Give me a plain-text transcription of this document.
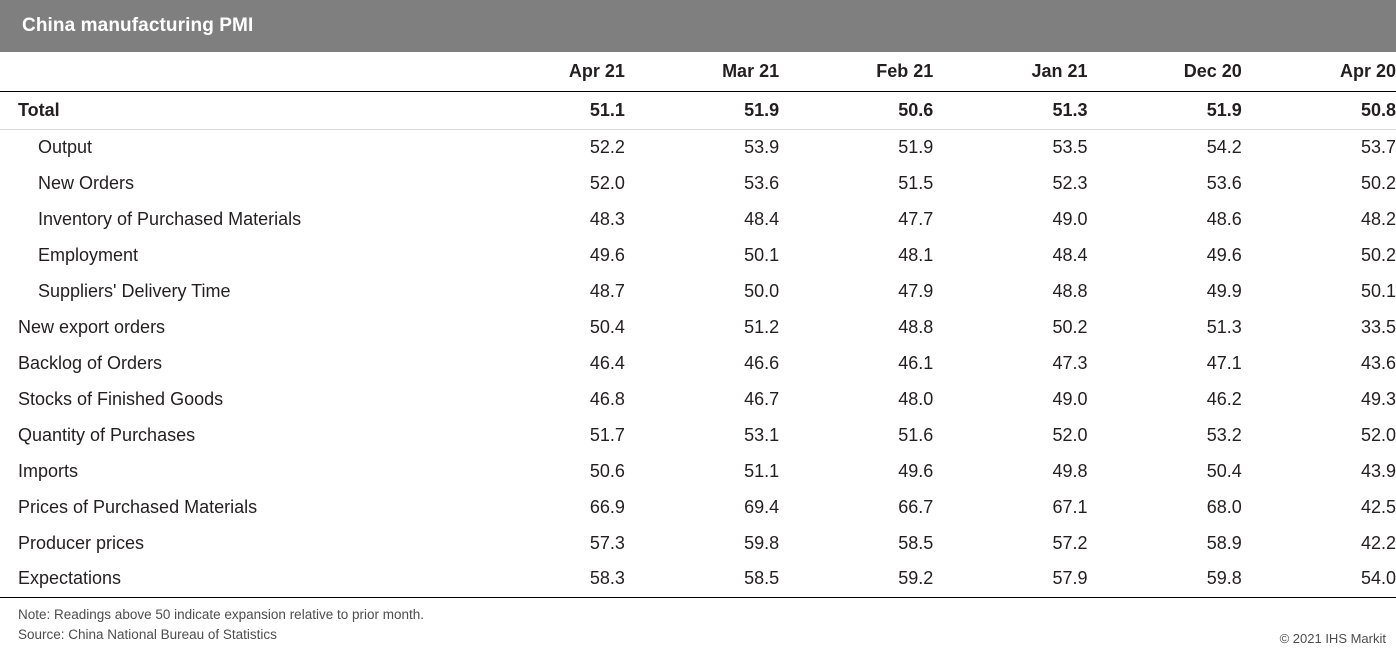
China manufacturing PMI
	Apr 21	Mar 21	Feb 21	Jan 21	Dec 20	Apr 20
Total	51.1	51.9	50.6	51.3	51.9	50.8
Output	52.2	53.9	51.9	53.5	54.2	53.7
New Orders	52.0	53.6	51.5	52.3	53.6	50.2
Inventory of Purchased Materials	48.3	48.4	47.7	49.0	48.6	48.2
Employment	49.6	50.1	48.1	48.4	49.6	50.2
Suppliers' Delivery Time	48.7	50.0	47.9	48.8	49.9	50.1
New export orders	50.4	51.2	48.8	50.2	51.3	33.5
Backlog of Orders	46.4	46.6	46.1	47.3	47.1	43.6
Stocks of Finished Goods	46.8	46.7	48.0	49.0	46.2	49.3
Quantity of Purchases	51.7	53.1	51.6	52.0	53.2	52.0
Imports	50.6	51.1	49.6	49.8	50.4	43.9
Prices of Purchased Materials	66.9	69.4	66.7	67.1	68.0	42.5
Producer prices	57.3	59.8	58.5	57.2	58.9	42.2
Expectations	58.3	58.5	59.2	57.9	59.8	54.0
Note: Readings above 50 indicate expansion relative to prior month.
Source: China National Bureau of Statistics	© 2021 IHS Markit
